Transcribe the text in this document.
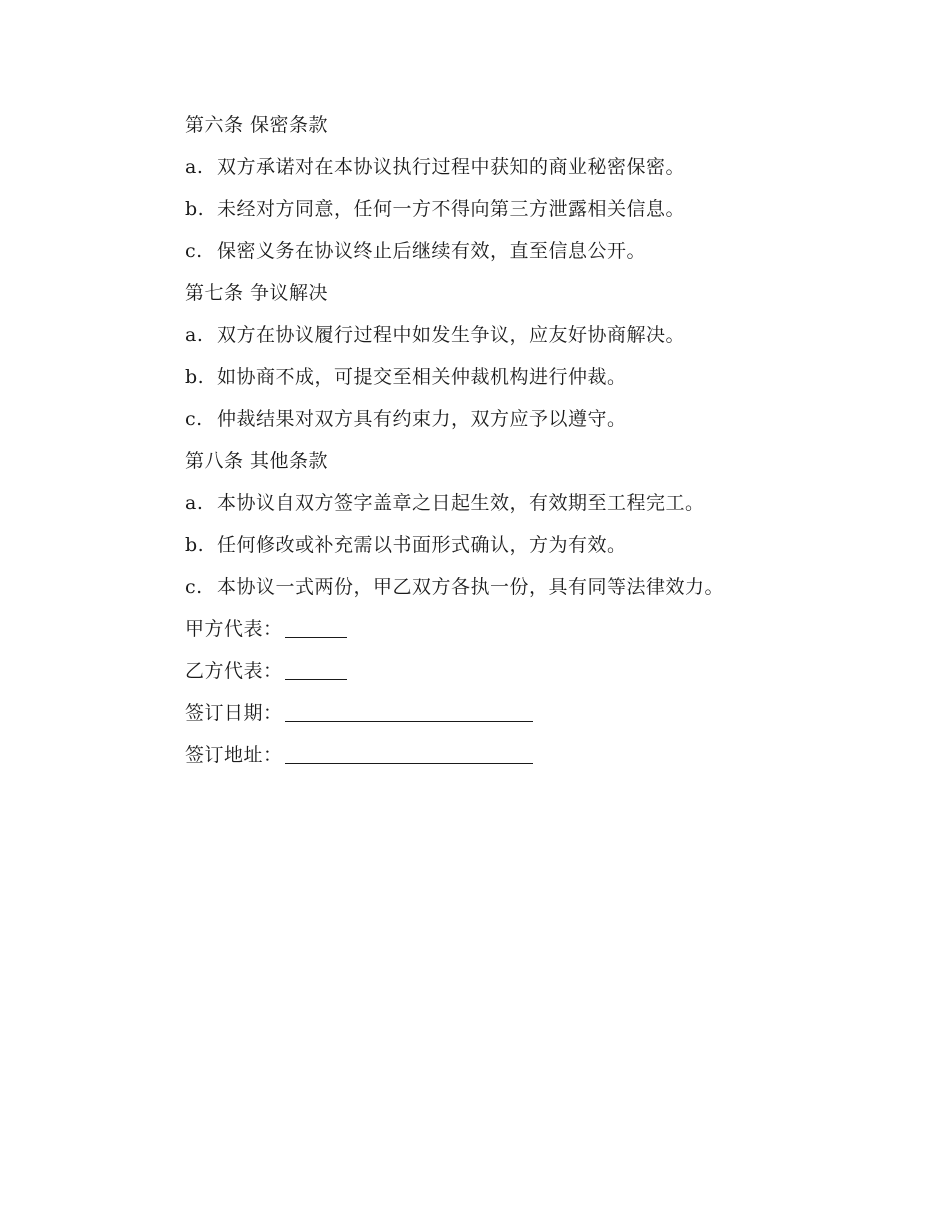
第六条 保密条款
a. 双方承诺对在本协议执行过程中获知的商业秘密保密。
b. 未经对方同意，任何一方不得向第三方泄露相关信息。
c. 保密义务在协议终止后继续有效，直至信息公开。
第七条 争议解决
a. 双方在协议履行过程中如发生争议，应友好协商解决。
b. 如协商不成，可提交至相关仲裁机构进行仲裁。
c. 仲裁结果对双方具有约束力，双方应予以遵守。
第八条 其他条款
a. 本协议自双方签字盖章之日起生效，有效期至工程完工。
b. 任何修改或补充需以书面形式确认，方为有效。
c. 本协议一式两份，甲乙双方各执一份，具有同等法律效力。
甲方代表：
乙方代表：
签订日期：
签订地址：
